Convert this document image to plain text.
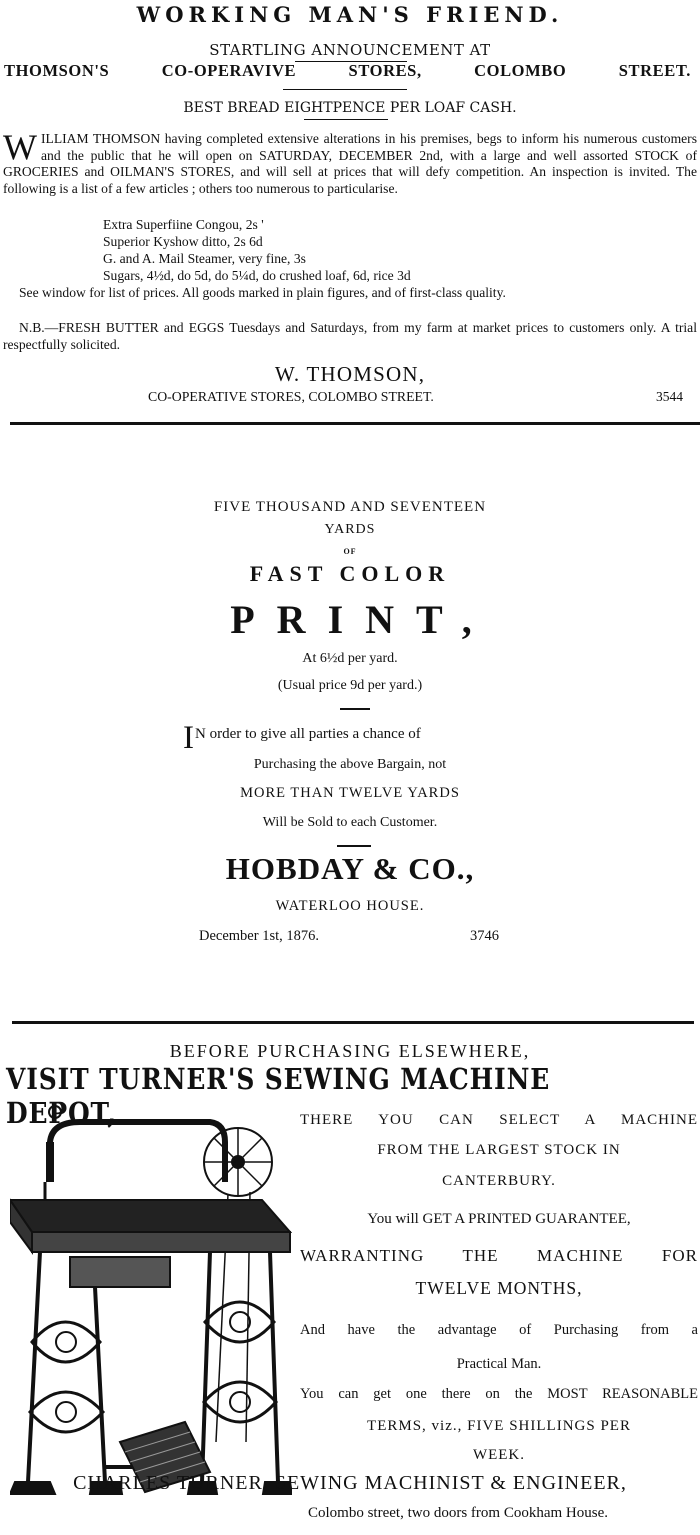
WORKING MAN'S FRIEND.
STARTLING ANNOUNCEMENT AT
THOMSON'S	CO-OPERAVIVE	STORES,	COLOMBO	STREET.
BEST BREAD EIGHTPENCE PER LOAF CASH.
WILLIAM THOMSON having completed extensive alterations in his premises, begs to inform his numerous customers and the public that he will open on SATURDAY, DECEMBER 2nd, with a large and well assorted STOCK of GROCERIES and OILMAN'S STORES, and will sell at prices that will defy competition. An inspection is invited. The following is a list of a few articles ; others too numerous to particularise.
Extra Superfiine Congou, 2s '
Superior Kyshow ditto, 2s 6d
G. and A. Mail Steamer, very fine, 3s
Sugars, 4½d, do 5d, do 5¼d, do crushed loaf, 6d, rice 3d
See window for list of prices. All goods marked in plain figures, and of first-class quality.
N.B.—FRESH BUTTER and EGGS Tuesdays and Saturdays, from my farm at market prices to customers only. A trial respectfully solicited.
W. THOMSON,
CO-OPERATIVE STORES, COLOMBO STREET.	3544
FIVE THOUSAND AND SEVENTEEN
YARDS
OF
FAST COLOR
PRINT,
At 6½d per yard.
(Usual price 9d per yard.)
IN order to give all parties a chance of
Purchasing the above Bargain, not
MORE THAN TWELVE YARDS
Will be Sold to each Customer.
HOBDAY & CO.,
WATERLOO HOUSE.
December 1st, 1876.	3746
BEFORE PURCHASING ELSEWHERE,
VISIT TURNER'S SEWING MACHINE DEPOT,	THERE YOU CAN SELECT A MACHINE
FROM THE LARGEST STOCK IN
CANTERBURY.
You will GET A PRINTED GUARANTEE,
WARRANTING THE MACHINE FOR
TWELVE MONTHS,
And have the advantage of Purchasing from a
Practical Man.
You can get one there on the MOST REASONABLE
TERMS, viz., FIVE SHILLINGS PER
WEEK.
CHARLES TURNER, SEWING MACHINIST & ENGINEER,
Colombo street, two doors from Cookham House.
